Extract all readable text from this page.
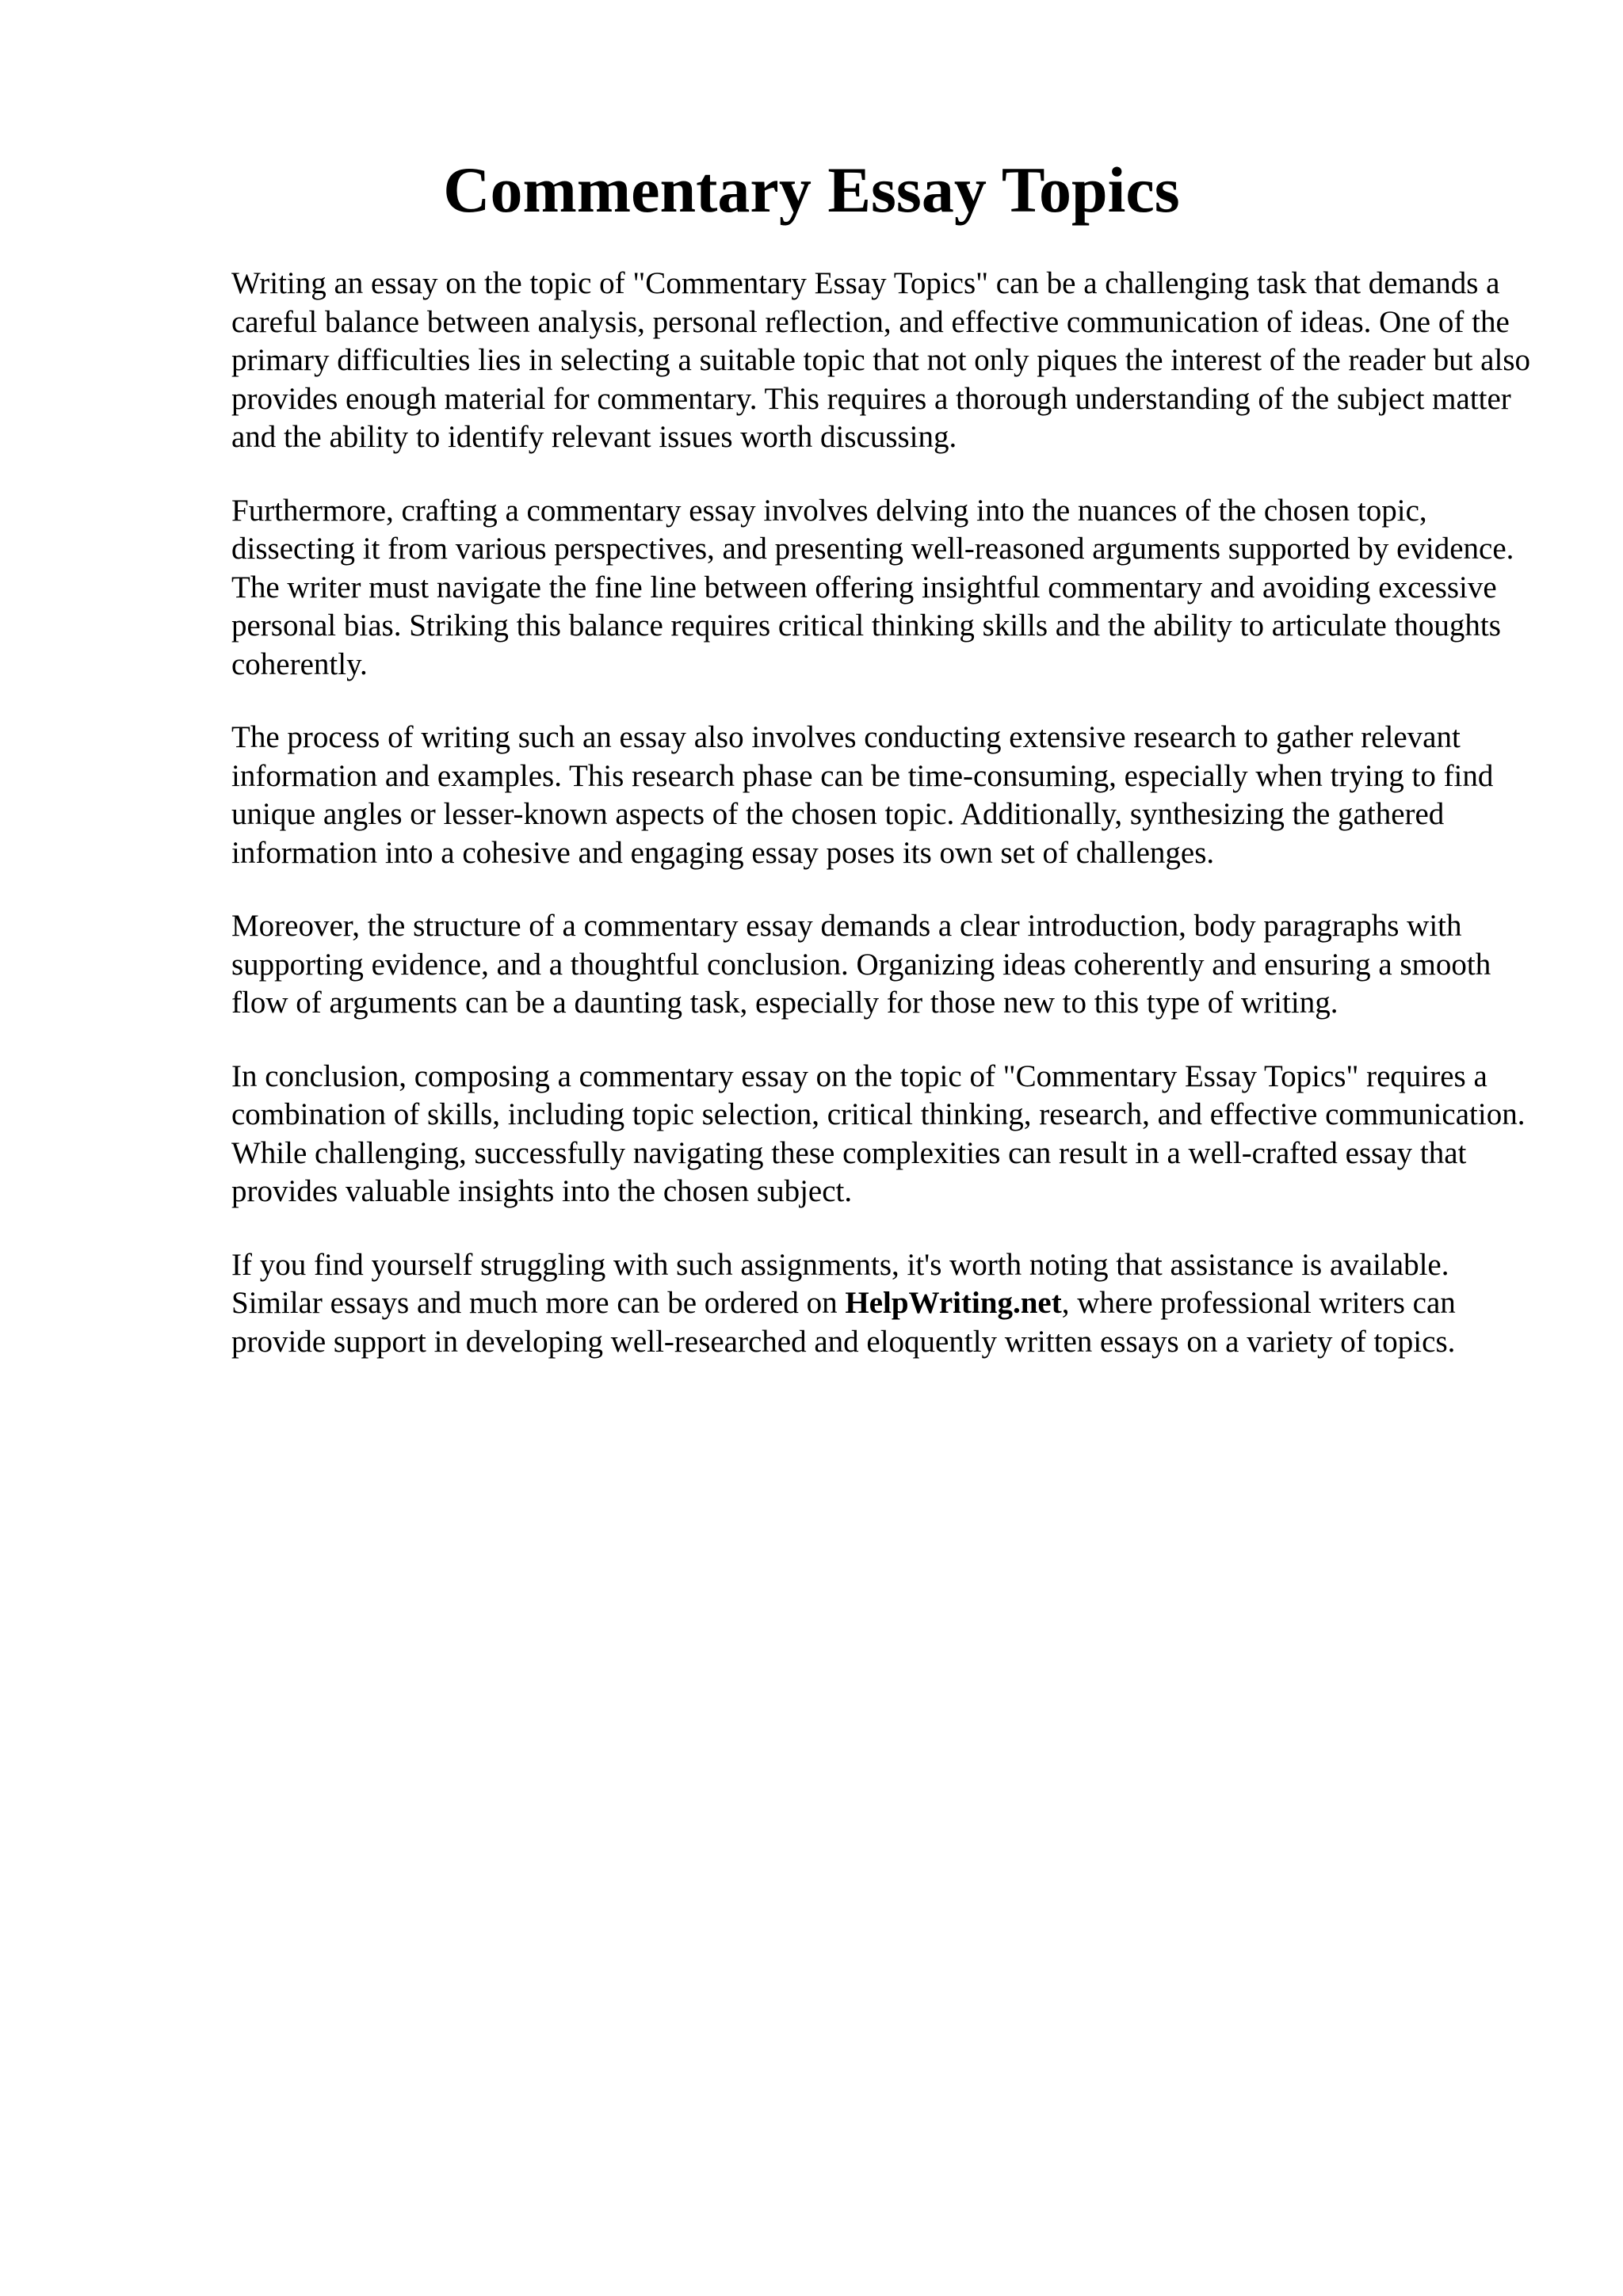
Commentary Essay Topics

Writing an essay on the topic of "Commentary Essay Topics" can be a challenging task that demands a careful balance between analysis, personal reflection, and effective communication of ideas. One of the primary difficulties lies in selecting a suitable topic that not only piques the interest of the reader but also provides enough material for commentary. This requires a thorough understanding of the subject matter and the ability to identify relevant issues worth discussing.

Furthermore, crafting a commentary essay involves delving into the nuances of the chosen topic, dissecting it from various perspectives, and presenting well-reasoned arguments supported by evidence. The writer must navigate the fine line between offering insightful commentary and avoiding excessive personal bias. Striking this balance requires critical thinking skills and the ability to articulate thoughts coherently.

The process of writing such an essay also involves conducting extensive research to gather relevant information and examples. This research phase can be time-consuming, especially when trying to find unique angles or lesser-known aspects of the chosen topic. Additionally, synthesizing the gathered information into a cohesive and engaging essay poses its own set of challenges.

Moreover, the structure of a commentary essay demands a clear introduction, body paragraphs with supporting evidence, and a thoughtful conclusion. Organizing ideas coherently and ensuring a smooth flow of arguments can be a daunting task, especially for those new to this type of writing.

In conclusion, composing a commentary essay on the topic of "Commentary Essay Topics" requires a combination of skills, including topic selection, critical thinking, research, and effective communication. While challenging, successfully navigating these complexities can result in a well-crafted essay that provides valuable insights into the chosen subject.

If you find yourself struggling with such assignments, it's worth noting that assistance is available. Similar essays and much more can be ordered on HelpWriting.net, where professional writers can provide support in developing well-researched and eloquently written essays on a variety of topics.
